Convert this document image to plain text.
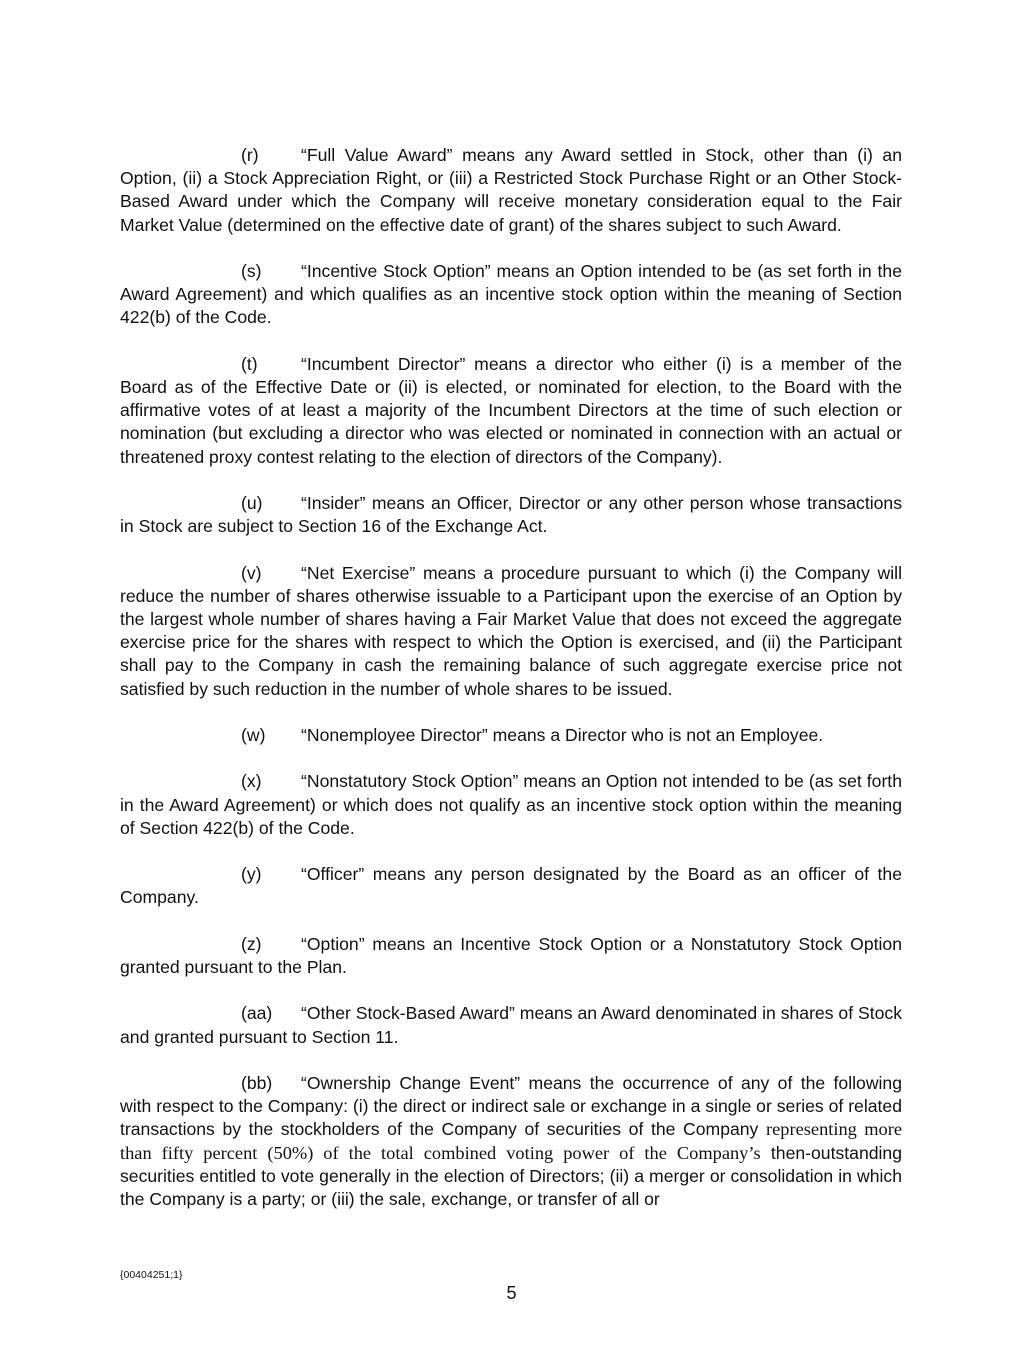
(r) “Full Value Award” means any Award settled in Stock, other than (i) an Option, (ii) a Stock Appreciation Right, or (iii) a Restricted Stock Purchase Right or an Other Stock-Based Award under which the Company will receive monetary consideration equal to the Fair Market Value (determined on the effective date of grant) of the shares subject to such Award.

(s) “Incentive Stock Option” means an Option intended to be (as set forth in the Award Agreement) and which qualifies as an incentive stock option within the meaning of Section 422(b) of the Code.

(t) “Incumbent Director” means a director who either (i) is a member of the Board as of the Effective Date or (ii) is elected, or nominated for election, to the Board with the affirmative votes of at least a majority of the Incumbent Directors at the time of such election or nomination (but excluding a director who was elected or nominated in connection with an actual or threatened proxy contest relating to the election of directors of the Company).

(u) “Insider” means an Officer, Director or any other person whose transactions in Stock are subject to Section 16 of the Exchange Act.

(v) “Net Exercise” means a procedure pursuant to which (i) the Company will reduce the number of shares otherwise issuable to a Participant upon the exercise of an Option by the largest whole number of shares having a Fair Market Value that does not exceed the aggregate exercise price for the shares with respect to which the Option is exercised, and (ii) the Participant shall pay to the Company in cash the remaining balance of such aggregate exercise price not satisfied by such reduction in the number of whole shares to be issued.

(w) “Nonemployee Director” means a Director who is not an Employee.

(x) “Nonstatutory Stock Option” means an Option not intended to be (as set forth in the Award Agreement) or which does not qualify as an incentive stock option within the meaning of Section 422(b) of the Code.

(y) “Officer” means any person designated by the Board as an officer of the Company.

(z) “Option” means an Incentive Stock Option or a Nonstatutory Stock Option granted pursuant to the Plan.

(aa) “Other Stock-Based Award” means an Award denominated in shares of Stock and granted pursuant to Section 11.

(bb) “Ownership Change Event” means the occurrence of any of the following with respect to the Company: (i) the direct or indirect sale or exchange in a single or series of related transactions by the stockholders of the Company of securities of the Company representing more than fifty percent (50%) of the total combined voting power of the Company’s then-outstanding securities entitled to vote generally in the election of Directors; (ii) a merger or consolidation in which the Company is a party; or (iii) the sale, exchange, or transfer of all or

{00404251;1}
5
